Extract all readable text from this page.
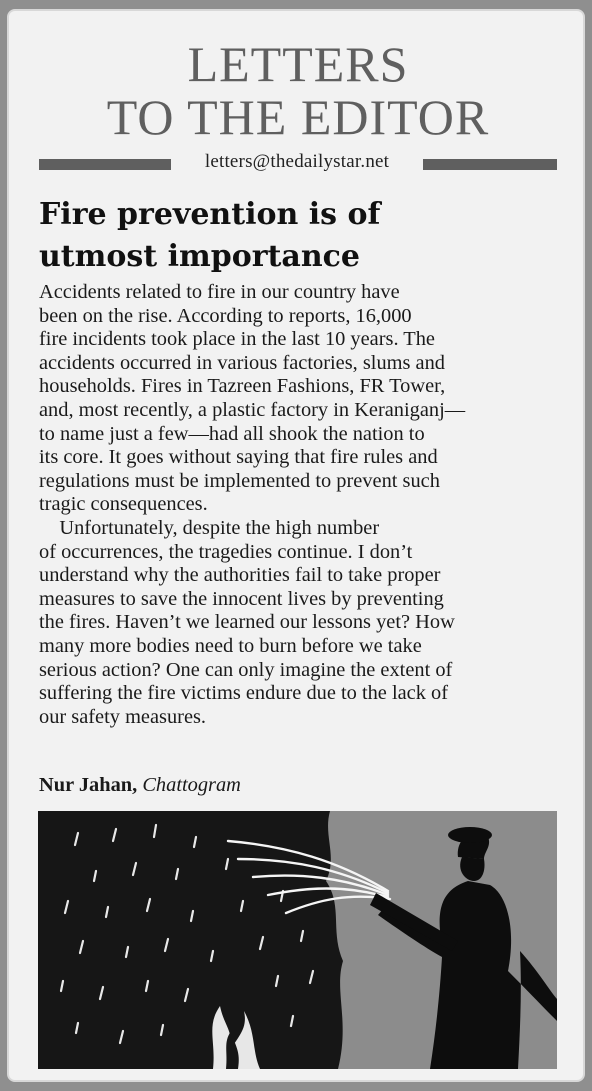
LETTERS
TO THE EDITOR
letters@thedailystar.net
Fire prevention is of
utmost importance

Accidents related to fire in our country have

been on the rise. According to reports, 16,000

fire incidents took place in the last 10 years. The

accidents occurred in various factories, slums and

households. Fires in Tazreen Fashions, FR Tower,

and, most recently, a plastic factory in Keraniganj—

to name just a few—had all shook the nation to

its core. It goes without saying that fire rules and

regulations must be implemented to prevent such

tragic consequences.

Unfortunately, despite the high number

of occurrences, the tragedies continue. I don’t

understand why the authorities fail to take proper

measures to save the innocent lives by preventing

the fires. Haven’t we learned our lessons yet? How

many more bodies need to burn before we take

serious action? One can only imagine the extent of

suffering the fire victims endure due to the lack of

our safety measures.

Nur Jahan, Chattogram
